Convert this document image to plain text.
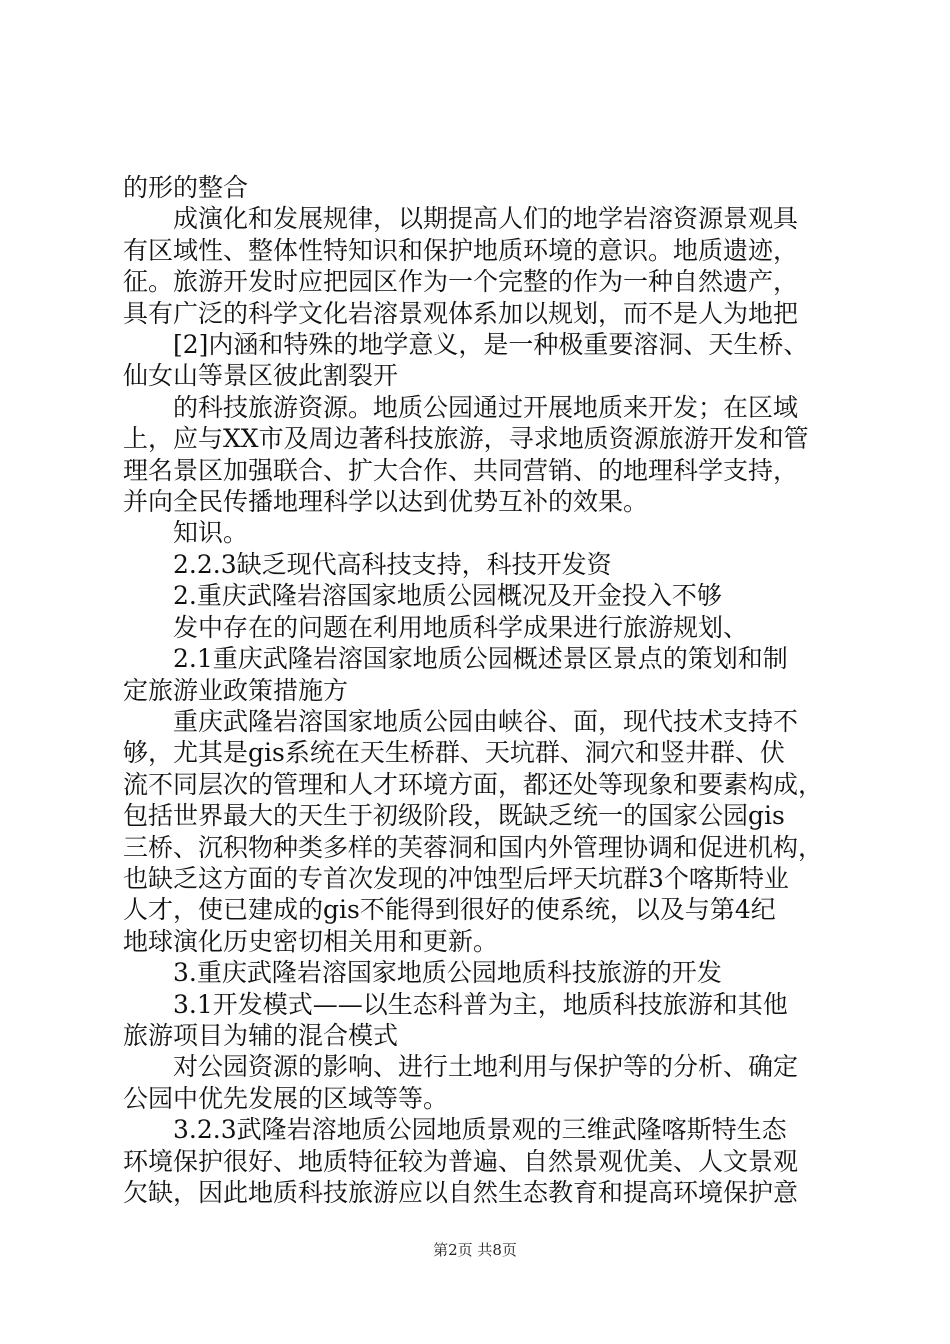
的形的整合

　　成演化和发展规律，以期提高人们的地学岩溶资源景观具

有区域性、整体性特知识和保护地质环境的意识。地质遗迹，

征。旅游开发时应把园区作为一个完整的作为一种自然遗产，

具有广泛的科学文化岩溶景观体系加以规划，而不是人为地把

　　[2]内涵和特殊的地学意义，是一种极重要溶洞、天生桥、

仙女山等景区彼此割裂开

　　的科技旅游资源。地质公园通过开展地质来开发；在区域

上，应与XX市及周边著科技旅游，寻求地质资源旅游开发和管

理名景区加强联合、扩大合作、共同营销、的地理科学支持，

并向全民传播地理科学以达到优势互补的效果。

　　知识。

　　2.2.3缺乏现代高科技支持，科技开发资

　　2.重庆武隆岩溶国家地质公园概况及开金投入不够

　　发中存在的问题在利用地质科学成果进行旅游规划、

　　2.1重庆武隆岩溶国家地质公园概述景区景点的策划和制

定旅游业政策措施方

　　重庆武隆岩溶国家地质公园由峡谷、面，现代技术支持不

够，尤其是gis系统在天生桥群、天坑群、洞穴和竖井群、伏

流不同层次的管理和人才环境方面，都还处等现象和要素构成，

包括世界最大的天生于初级阶段，既缺乏统一的国家公园gis

三桥、沉积物种类多样的芙蓉洞和国内外管理协调和促进机构，

也缺乏这方面的专首次发现的冲蚀型后坪天坑群3个喀斯特业

人才，使已建成的gis不能得到很好的使系统，以及与第4纪

地球演化历史密切相关用和更新。

　　3.重庆武隆岩溶国家地质公园地质科技旅游的开发

　　3.1开发模式——以生态科普为主，地质科技旅游和其他

旅游项目为辅的混合模式

　　对公园资源的影响、进行土地利用与保护等的分析、确定

公园中优先发展的区域等等。

　　3.2.3武隆岩溶地质公园地质景观的三维武隆喀斯特生态

环境保护很好、地质特征较为普遍、自然景观优美、人文景观

欠缺，因此地质科技旅游应以自然生态教育和提高环境保护意

第2页 共8页
